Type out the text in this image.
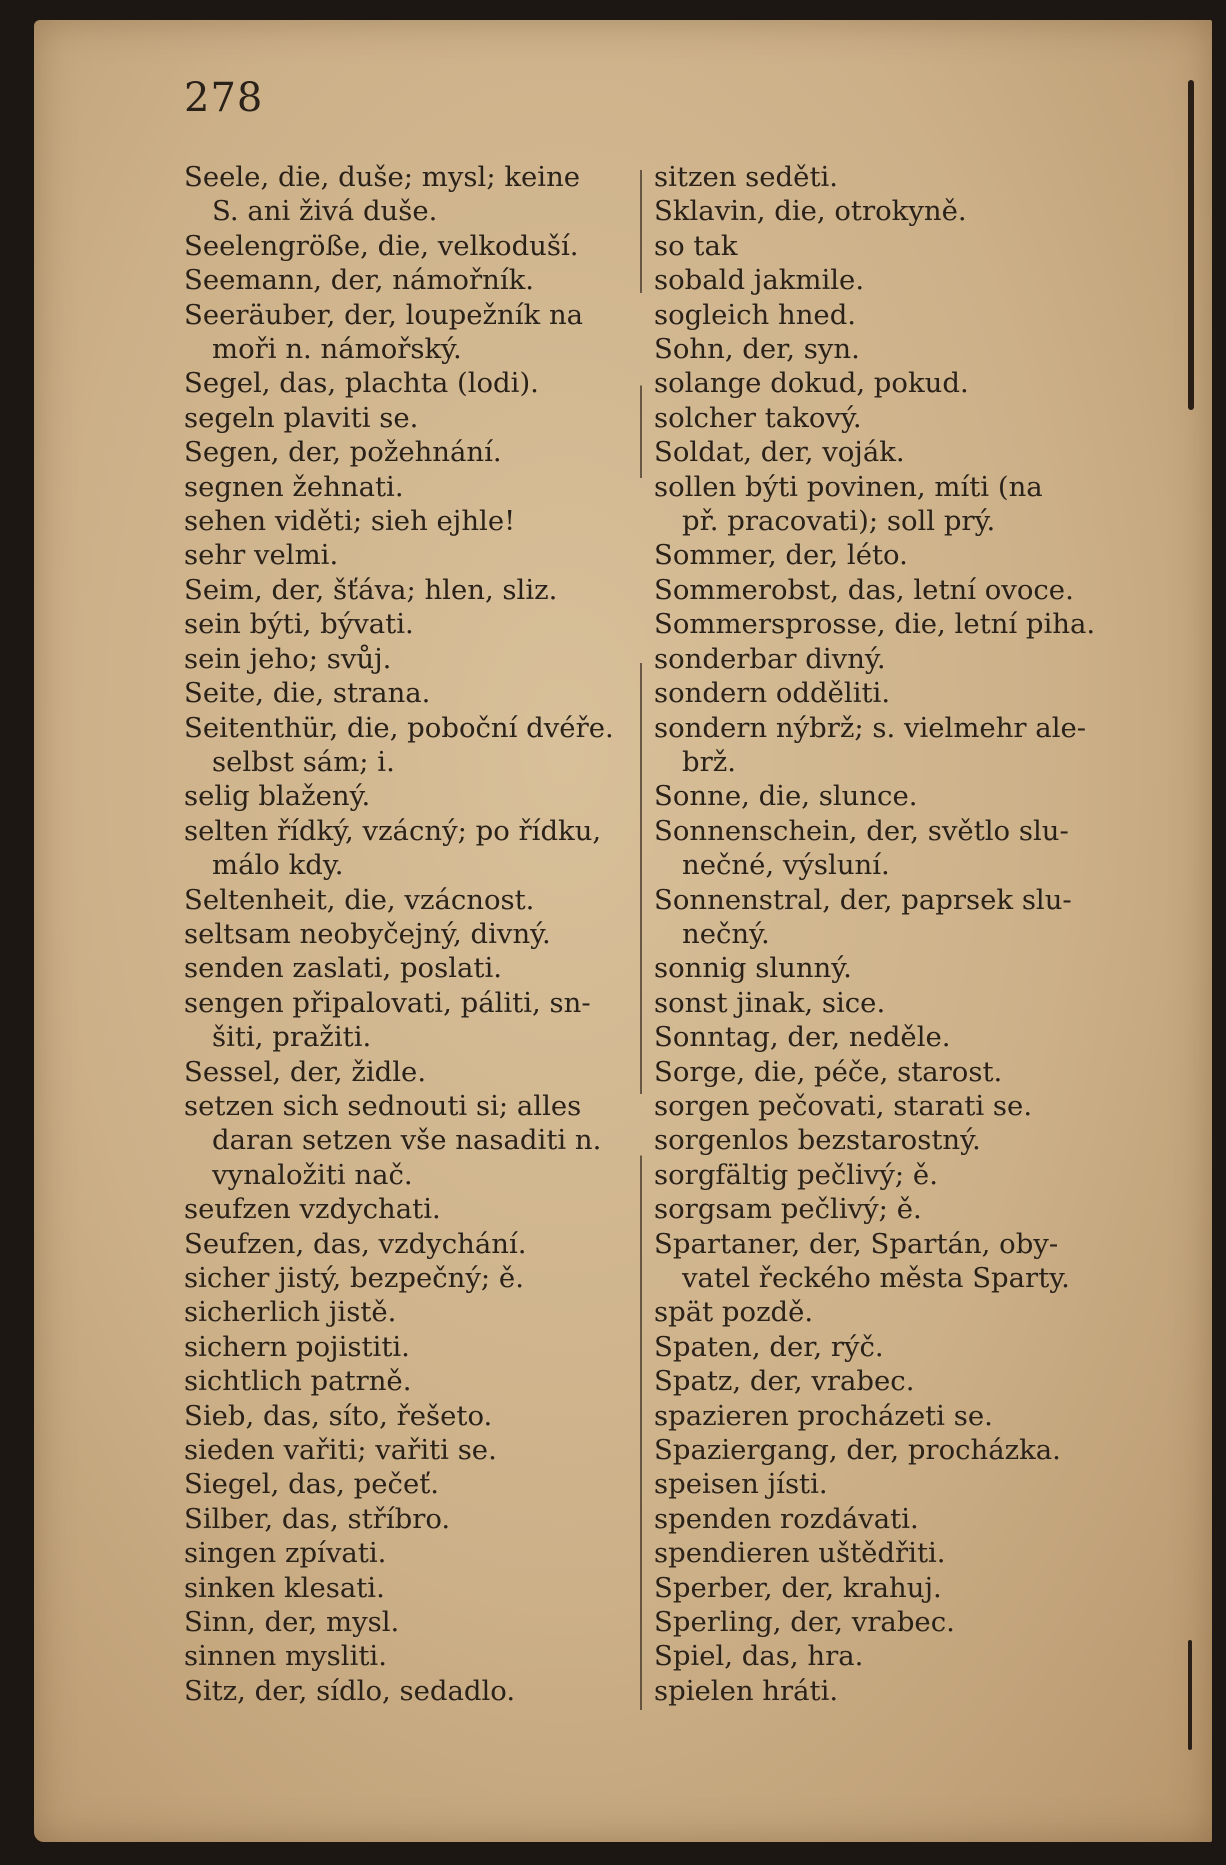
278
Seele, die, duše; mysl; keine
S. ani živá duše.
Seelengröße, die, velkoduší.
Seemann, der, námořník.
Seeräuber, der, loupežník na
moři n. námořský.
Segel, das, plachta (lodi).
segeln plaviti se.
Segen, der, požehnání.
segnen žehnati.
sehen viděti; sieh ejhle!
sehr velmi.
Seim, der, šťáva; hlen, sliz.
sein býti, bývati.
sein jeho; svůj.
Seite, die, strana.
Seitenthür, die, poboční dvéře.
selbst sám; i.
selig blažený.
selten řídký, vzácný; po řídku,
málo kdy.
Seltenheit, die, vzácnost.
seltsam neobyčejný, divný.
senden zaslati, poslati.
sengen připalovati, páliti, sn-
šiti, pražiti.
Sessel, der, židle.
setzen sich sednouti si; alles
daran setzen vše nasaditi n.
vynaložiti nač.
seufzen vzdychati.
Seufzen, das, vzdychání.
sicher jistý, bezpečný; ě.
sicherlich jistě.
sichern pojistiti.
sichtlich patrně.
Sieb, das, síto, řešeto.
sieden vařiti; vařiti se.
Siegel, das, pečeť.
Silber, das, stříbro.
singen zpívati.
sinken klesati.
Sinn, der, mysl.
sinnen mysliti.
Sitz, der, sídlo, sedadlo.
sitzen seděti.
Sklavin, die, otrokyně.
so tak
sobald jakmile.
sogleich hned.
Sohn, der, syn.
solange dokud, pokud.
solcher takový.
Soldat, der, voják.
sollen býti povinen, míti (na
př. pracovati); soll prý.
Sommer, der, léto.
Sommerobst, das, letní ovoce.
Sommersprosse, die, letní piha.
sonderbar divný.
sondern odděliti.
sondern nýbrž; s. vielmehr ale-
brž.
Sonne, die, slunce.
Sonnenschein, der, světlo slu-
nečné, výsluní.
Sonnenstral, der, paprsek slu-
nečný.
sonnig slunný.
sonst jinak, sice.
Sonntag, der, neděle.
Sorge, die, péče, starost.
sorgen pečovati, starati se.
sorgenlos bezstarostný.
sorgfältig pečlivý; ě.
sorgsam pečlivý; ě.
Spartaner, der, Spartán, oby-
vatel řeckého města Sparty.
spät pozdě.
Spaten, der, rýč.
Spatz, der, vrabec.
spazieren procházeti se.
Spaziergang, der, procházka.
speisen jísti.
spenden rozdávati.
spendieren uštědřiti.
Sperber, der, krahuj.
Sperling, der, vrabec.
Spiel, das, hra.
spielen hráti.
